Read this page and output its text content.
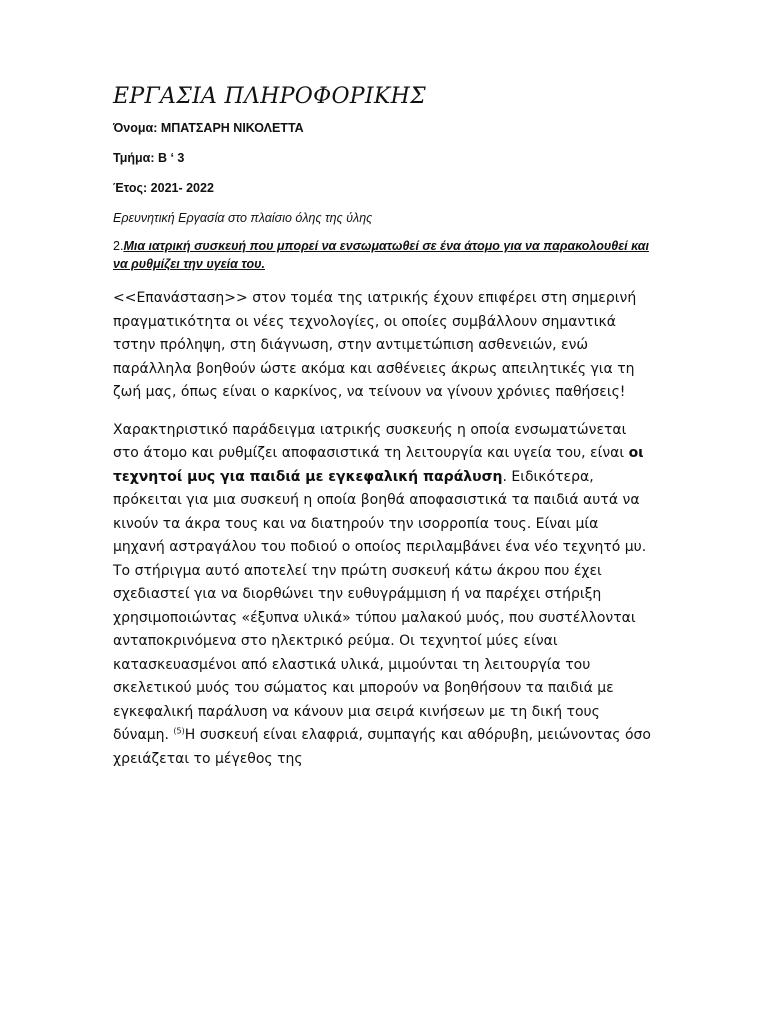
ΕΡΓΑΣΙΑ ΠΛΗΡΟΦΟΡΙΚΗΣ

Όνομα: ΜΠΑΤΣΑΡΗ ΝΙΚΟΛΕΤΤΑ

Τμήμα: Β ‘ 3

Έτος: 2021- 2022

Ερευνητική Εργασία στο πλαίσιο όλης της ύλης

2.Μια ιατρική συσκευή που μπορεί να ενσωματωθεί σε ένα άτομο για να παρακολουθεί και να ρυθμίζει την υγεία του.

<<Επανάσταση>> στον τομέα της ιατρικής έχουν επιφέρει στη σημερινή πραγματικότητα οι νέες τεχνολογίες, οι οποίες συμβάλλουν σημαντικά τστην πρόληψη, στη διάγνωση, στην αντιμετώπιση ασθενειών, ενώ παράλληλα βοηθούν ώστε ακόμα και ασθένειες άκρως απειλητικές για τη ζωή μας, όπως είναι ο καρκίνος, να τείνουν να γίνουν χρόνιες παθήσεις!

Χαρακτηριστικό παράδειγμα ιατρικής συσκευής η οποία ενσωματώνεται στο άτομο και ρυθμίζει αποφασιστικά τη λειτουργία και υγεία του, είναι οι τεχνητοί μυς για παιδιά με εγκεφαλική παράλυση. Ειδικότερα, πρόκειται για μια συσκευή η οποία βοηθά αποφασιστικά τα παιδιά αυτά να κινούν τα άκρα τους και να διατηρούν την ισορροπία τους. Είναι μία μηχανή αστραγάλου του ποδιού ο οποίος περιλαμβάνει ένα νέο τεχνητό μυ. Το στήριγμα αυτό αποτελεί την πρώτη συσκευή κάτω άκρου που έχει σχεδιαστεί για να διορθώνει την ευθυγράμμιση ή να παρέχει στήριξη χρησιμοποιώντας «έξυπνα υλικά» τύπου μαλακού μυός, που συστέλλονται ανταποκρινόμενα στο ηλεκτρικό ρεύμα. Οι τεχνητοί μύες είναι κατασκευασμένοι από ελαστικά υλικά, μιμούνται τη λειτουργία του σκελετικού μυός του σώματος και μπορούν να βοηθήσουν τα παιδιά με εγκεφαλική παράλυση να κάνουν μια σειρά κινήσεων με τη δική τους δύναμη. $^{(5)}$Η συσκευή είναι ελαφριά, συμπαγής και αθόρυβη, μειώνοντας όσο χρειάζεται το μέγεθος της
